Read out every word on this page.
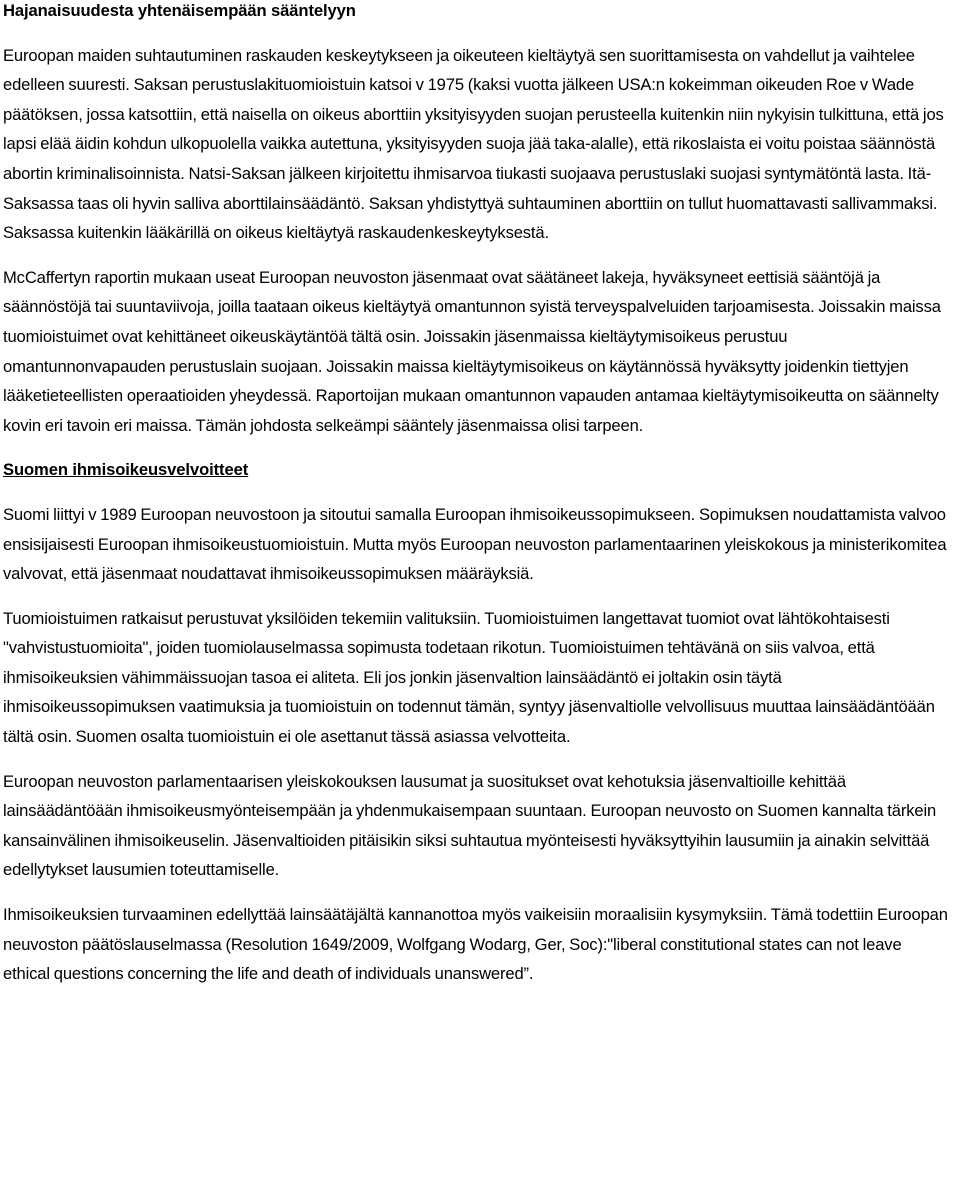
Hajanaisuudesta yhtenäisempään sääntelyyn

Euroopan maiden suhtautuminen raskauden keskeytykseen ja oikeuteen kieltäytyä sen suorittamisesta on vahdellut ja vaihtelee edelleen suuresti. Saksan perustuslakituomioistuin katsoi v 1975 (kaksi vuotta jälkeen USA:n kokeimman oikeuden Roe v Wade päätöksen, jossa katsottiin, että naisella on oikeus aborttiin yksityisyyden suojan perusteella kuitenkin niin nykyisin tulkittuna, että jos lapsi elää äidin kohdun ulkopuolella vaikka autettuna, yksityisyyden suoja jää taka-alalle), että rikoslaista ei voitu poistaa säännöstä abortin kriminalisoinnista. Natsi-Saksan jälkeen kirjoitettu ihmisarvoa tiukasti suojaava perustuslaki suojasi syntymätöntä lasta. Itä-Saksassa taas oli hyvin salliva aborttilainsäädäntö. Saksan yhdistyttyä suhtauminen aborttiin on tullut huomattavasti sallivammaksi. Saksassa kuitenkin lääkärillä on oikeus kieltäytyä raskaudenkeskeytyksestä.

McCaffertyn raportin mukaan useat Euroopan neuvoston jäsenmaat ovat säätäneet lakeja, hyväksyneet eettisiä sääntöjä ja säännöstöjä tai suuntaviivoja, joilla taataan oikeus kieltäytyä omantunnon syistä terveyspalveluiden tarjoamisesta. Joissakin maissa tuomioistuimet ovat kehittäneet oikeuskäytäntöä tältä osin. Joissakin jäsenmaissa kieltäytymisoikeus perustuu omantunnonvapauden perustuslain suojaan. Joissakin maissa kieltäytymisoikeus on käytännössä hyväksytty joidenkin tiettyjen lääketieteellisten operaatioiden yheydessä. Raportoijan mukaan omantunnon vapauden antamaa kieltäytymisoikeutta on säännelty kovin eri tavoin eri maissa. Tämän johdosta selkeämpi sääntely jäsenmaissa olisi tarpeen.

Suomen ihmisoikeusvelvoitteet

Suomi liittyi v 1989 Euroopan neuvostoon ja sitoutui samalla Euroopan ihmisoikeussopimukseen. Sopimuksen noudattamista valvoo ensisijaisesti Euroopan ihmisoikeustuomioistuin. Mutta myös Euroopan neuvoston parlamentaarinen yleiskokous ja ministerikomitea valvovat, että jäsenmaat noudattavat ihmisoikeussopimuksen määräyksiä.

Tuomioistuimen ratkaisut perustuvat yksilöiden tekemiin valituksiin. Tuomioistuimen langettavat tuomiot ovat lähtökohtaisesti "vahvistustuomioita", joiden tuomiolauselmassa sopimusta todetaan rikotun. Tuomioistuimen tehtävänä on siis valvoa, että ihmisoikeuksien vähimmäissuojan tasoa ei aliteta. Eli jos jonkin jäsenvaltion lainsäädäntö ei joltakin osin täytä ihmisoikeussopimuksen vaatimuksia ja tuomioistuin on todennut tämän, syntyy jäsenvaltiolle velvollisuus muuttaa lainsäädäntöään tältä osin. Suomen osalta tuomioistuin ei ole asettanut tässä asiassa velvotteita.

Euroopan neuvoston parlamentaarisen yleiskokouksen lausumat ja suositukset ovat kehotuksia jäsenvaltioille kehittää lainsäädäntöään ihmisoikeusmyönteisempään ja yhdenmukaisempaan suuntaan. Euroopan neuvosto on Suomen kannalta tärkein kansainvälinen ihmisoikeuselin. Jäsenvaltioiden pitäisikin siksi suhtautua myönteisesti hyväksyttyihin lausumiin ja ainakin selvittää edellytykset lausumien toteuttamiselle.

Ihmisoikeuksien turvaaminen edellyttää lainsäätäjältä kannanottoa myös vaikeisiin moraalisiin kysymyksiin. Tämä todettiin Euroopan neuvoston päätöslauselmassa (Resolution 1649/2009, Wolfgang Wodarg, Ger, Soc):"liberal constitutional states can not leave ethical questions concerning the life and death of individuals unanswered”.
